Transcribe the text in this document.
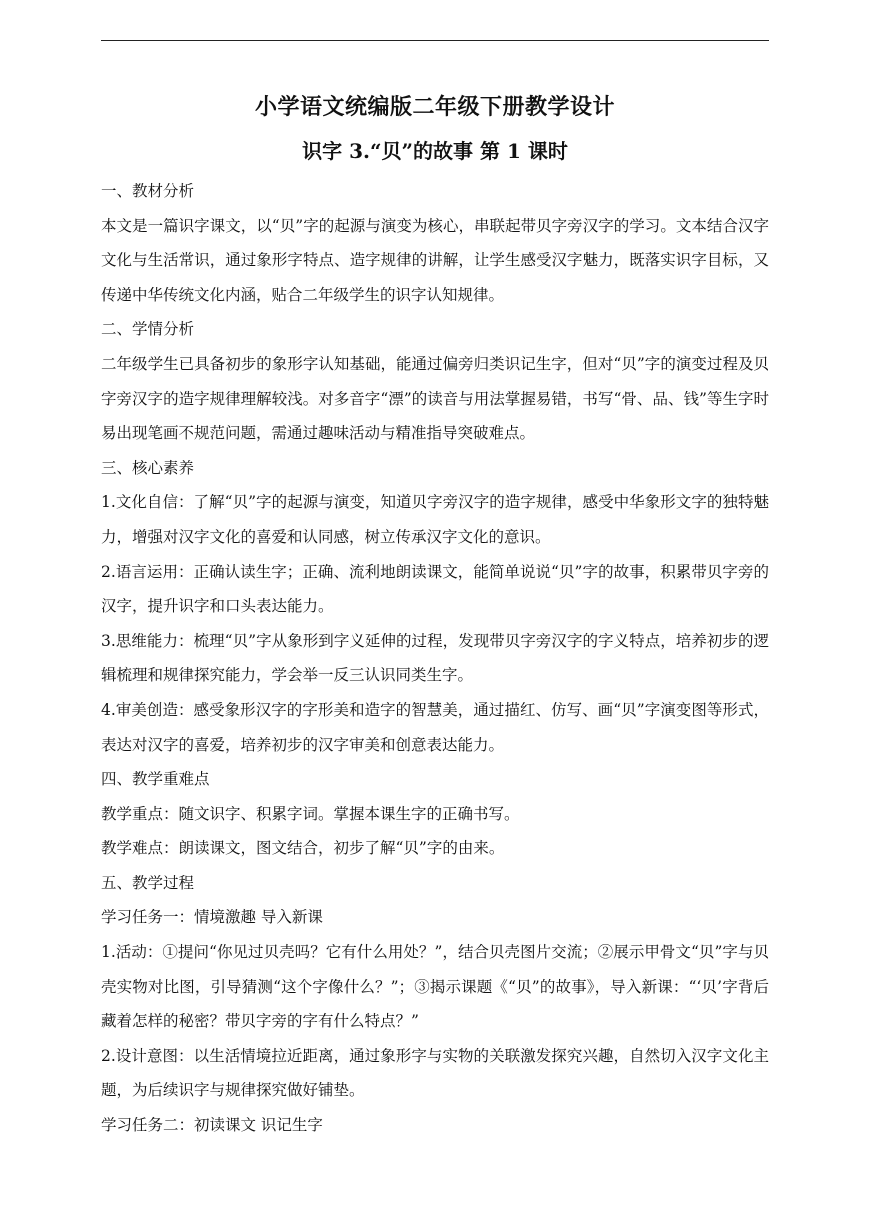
小学语文统编版二年级下册教学设计
识字 3.“贝”的故事 第 1 课时

一、教材分析

本文是一篇识字课文，以“贝”字的起源与演变为核心，串联起带贝字旁汉字的学习。文本结合汉字文化与生活常识，通过象形字特点、造字规律的讲解，让学生感受汉字魅力，既落实识字目标，又传递中华传统文化内涵，贴合二年级学生的识字认知规律。

二、学情分析

二年级学生已具备初步的象形字认知基础，能通过偏旁归类识记生字，但对“贝”字的演变过程及贝字旁汉字的造字规律理解较浅。对多音字“漂”的读音与用法掌握易错，书写“骨、品、钱”等生字时易出现笔画不规范问题，需通过趣味活动与精准指导突破难点。

三、核心素养

1.文化自信：了解“贝”字的起源与演变，知道贝字旁汉字的造字规律，感受中华象形文字的独特魅力，增强对汉字文化的喜爱和认同感，树立传承汉字文化的意识。

2.语言运用：正确认读生字；正确、流利地朗读课文，能简单说说“贝”字的故事，积累带贝字旁的汉字，提升识字和口头表达能力。

3.思维能力：梳理“贝”字从象形到字义延伸的过程，发现带贝字旁汉字的字义特点，培养初步的逻辑梳理和规律探究能力，学会举一反三认识同类生字。

4.审美创造：感受象形汉字的字形美和造字的智慧美，通过描红、仿写、画“贝”字演变图等形式，表达对汉字的喜爱，培养初步的汉字审美和创意表达能力。

四、教学重难点

教学重点：随文识字、积累字词。掌握本课生字的正确书写。

教学难点：朗读课文，图文结合，初步了解“贝”字的由来。

五、教学过程

学习任务一：情境激趣 导入新课

1.活动：①提问“你见过贝壳吗？它有什么用处？”，结合贝壳图片交流；②展示甲骨文“贝”字与贝壳实物对比图，引导猜测“这个字像什么？”；③揭示课题《“贝”的故事》，导入新课：“‘贝’字背后藏着怎样的秘密？带贝字旁的字有什么特点？”

2.设计意图：以生活情境拉近距离，通过象形字与实物的关联激发探究兴趣，自然切入汉字文化主题，为后续识字与规律探究做好铺垫。

学习任务二：初读课文 识记生字
